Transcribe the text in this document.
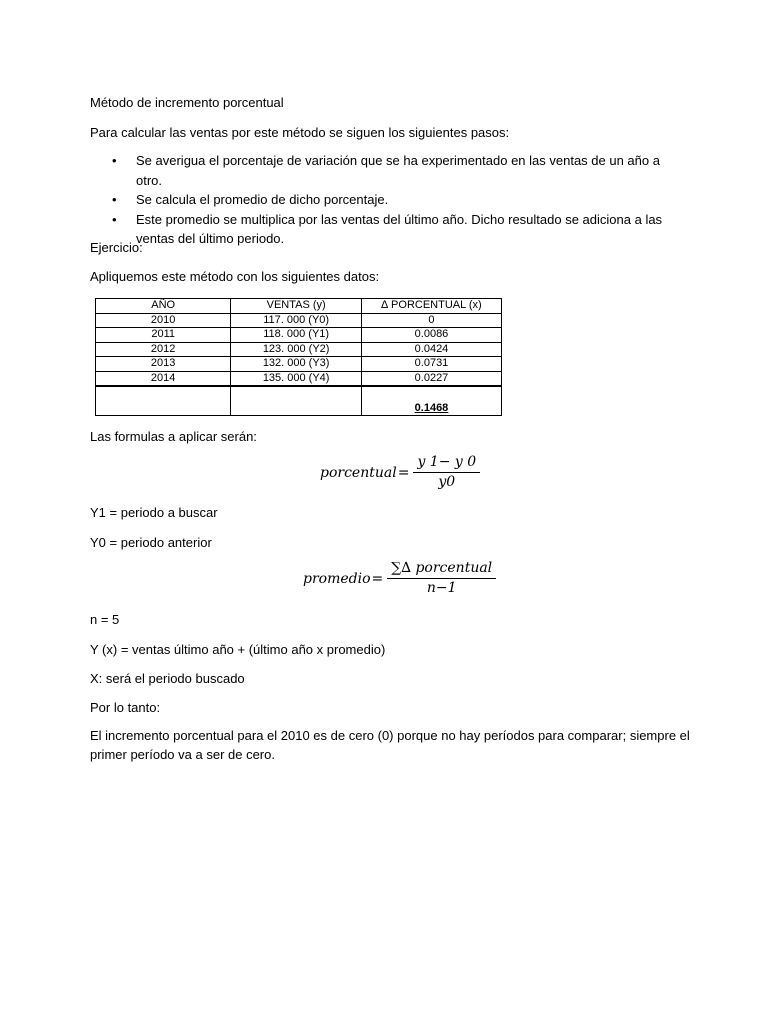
Método de incremento porcentual

Para calcular las ventas por este método se siguen los siguientes pasos:

• Se averigua el porcentaje de variación que se ha experimentado en las ventas de un año a otro.
• Se calcula el promedio de dicho porcentaje.
• Este promedio se multiplica por las ventas del último año. Dicho resultado se adiciona a las ventas del último periodo.

Ejercicio:

Apliquemos este método con los siguientes datos:

AÑO	VENTAS (y)	∆ PORCENTUAL (x)
2010	117. 000 (Y0)	0
2011	118. 000 (Y1)	0.0086
2012	123. 000 (Y2)	0.0424
2013	132. 000 (Y3)	0.0731
2014	135. 000 (Y4)	0.0227
		0.1468

Las formulas a aplicar serán:

porcentual = $\frac{y 1- y 0}{y0}$

Y1 = periodo a buscar

Y0 = periodo anterior

promedio = $\frac{\text{∑∆ porcentual}}{n-1}$

n = 5

Y (x) = ventas último año + (último año x promedio)

X: será el periodo buscado

Por lo tanto:

El incremento porcentual para el 2010 es de cero (0) porque no hay períodos para comparar; siempre el primer período va a ser de cero.
